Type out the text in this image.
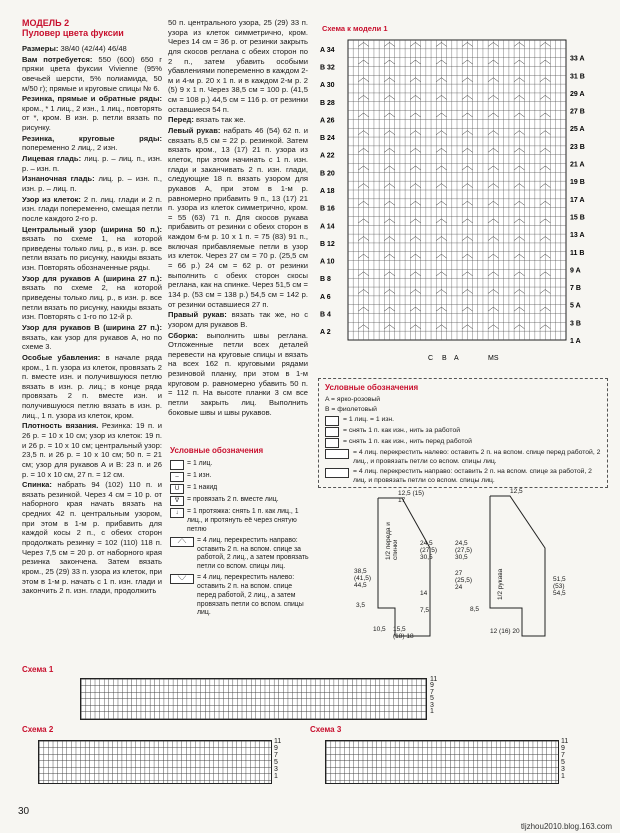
МОДЕЛЬ 2
Пуловер цвета фуксии

Размеры: 38/40 (42/44) 46/48

Вам потребуется: 550 (600) 650 г пряжи цвета фуксии Vivienne (95% овечьей шерсти, 5% полиамида, 50 м/50 г); прямые и круговые спицы № 6.

Резинка, прямые и обратные ряды: кром., * 1 лиц., 2 изн., 1 лиц., повторять от *, кром. В изн. р. петли вязать по рисунку.

Резинка, круговые ряды: попеременно 2 лиц., 2 изн.

Лицевая гладь: лиц. р. – лиц. п., изн. р. – изн. п.

Изнаночная гладь: лиц. р. – изн. п., изн. р. – лиц. п.

Узор из клеток: 2 п. лиц. глади и 2 п. изн. глади попеременно, смещая петли после каждого 2-го р.

Центральный узор (ширина 50 п.): вязать по схеме 1, на которой приведены только лиц. р., в изн. р. все петли вязать по рисунку, накиды вязать изн. Повторять обозначенные ряды.

Узор для рукавов А (ширина 27 п.): вязать по схеме 2, на которой приведены только лиц. р., в изн. р. все петли вязать по рисунку, накиды вязать изн. Повторять с 1-го по 12-й р.

Узор для рукавов В (ширина 27 п.): вязать, как узор для рукавов А, но по схеме 3.

Особые убавления: в начале ряда кром., 1 п. узора из клеток, провязать 2 п. вместе изн. и получившуюся петлю вязать в изн. р. лиц.; в конце ряда провязать 2 п. вместе изн. и получившуюся петлю вязать в изн. р. лиц., 1 п. узора из клеток, кром.

Плотность вязания. Резинка: 19 п. и 26 р. = 10 х 10 см; узор из клеток: 19 п. и 26 р. = 10 х 10 см; центральный узор: 23,5 п. и 26 р. = 10 х 10 см; 50 п. = 21 см; узор для рукавов А и В: 23 п. и 26 р. = 10 х 10 см, 27 п. = 12 см.

Спинка: набрать 94 (102) 110 п. и вязать резинкой. Через 4 см = 10 р. от наборного края начать вязать на средних 42 п. центральным узором, при этом в 1-м р. прибавить для каждой косы 2 п., с обеих сторон продолжать резинку = 102 (110) 118 п. Через 7,5 см = 20 р. от наборного края резинка закончена. Затем вязать кром., 25 (29) 33 п. узора из клеток, при этом в 1-м р. начать с 1 п. изн. глади и закончить 2 п. изн. глади, продолжить

50 п. центрального узора, 25 (29) 33 п. узора из клеток симметрично, кром. Через 14 см = 36 р. от резинки закрыть для скосов реглана с обеих сторон по 2 п., затем убавить особыми убавлениями попеременно в каждом 2-м и 4-м р. 20 х 1 п. и в каждом 2-м р. 2 (5) 9 х 1 п. Через 38,5 см = 100 р. (41,5 см = 108 р.) 44,5 см = 116 р. от резинки оставшиеся 54 п.

Перед: вязать так же.

Левый рукав: набрать 46 (54) 62 п. и связать 8,5 см = 22 р. резинкой. Затем вязать кром., 13 (17) 21 п. узора из клеток, при этом начинать с 1 п. изн. глади и заканчивать 2 п. изн. глади, следующие 18 п. вязать узором для рукавов А, при этом в 1-м р. равномерно прибавить 9 п., 13 (17) 21 п. узора из клеток симметрично, кром. = 55 (63) 71 п. Для скосов рукава прибавить от резинки с обеих сторон в каждом 6-м р. 10 х 1 п. = 75 (83) 91 п., включая прибавляемые петли в узор из клеток. Через 27 см = 70 р. (25,5 см = 66 р.) 24 см = 62 р. от резинки выполнить с обеих сторон скосы реглана, как на спинке. Через 51,5 см = 134 р. (53 см = 138 р.) 54,5 см = 142 р. от резинки оставшиеся 27 п.

Правый рукав: вязать так же, но с узором для рукавов В.

Сборка: выполнить швы реглана. Отложенные петли всех деталей перевести на круговые спицы и вязать на всех 162 п. круговыми рядами резиновой планку, при этом в 1-м круговом р. равномерно убавить 50 п. = 112 п. На высоте планки 3 см все петли закрыть лиц. Выполнить боковые швы и швы рукавов.

Условные обозначения
= 1 лиц.
–	= 1 изн.
U	= 1 накид
∇	= провязать 2 п. вместе лиц.
↓	= 1 протяжка: снять 1 п. как лиц., 1 лиц., и протянуть её через снятую петлю
⟋⟍	= 4 лиц. перекрестить направо: оставить 2 п. на вспом. спице за работой, 2 лиц., а затем провязать петли со вспом. спицы лиц.
⟍⟋	= 4 лиц. перекрестить налево: оставить 2 п. на вспом. спице перед работой, 2 лиц., а затем провязать петли со вспом. спицы лиц.
Схема к модели 1
A 34
B 32
A 30
B 28
A 26
B 24
A 22
B 20
A 18
B 16
A 14
B 12
A 10
B 8
A 6
B 4
A 2
33 A
31 B
29 A
27 B
25 A
23 B
21 A
19 B
17 A
15 B
13 A
11 B
9 A
7 B
5 A
3 B
1 A
C B A	MS
Условные обозначения
A = ярко-розовый
B = фиолетовый
= 1 лиц. = 1 изн.
= снять 1 п. как изн., нить за работой
= снять 1 п. как изн., нить перед работой
= 4 лиц. перекрестить налево: оставить 2 п. на вспом. спице перед работой, 2 лиц., и провязать петли со вспом. спицы лиц.
= 4 лиц. перекрестить направо: оставить 2 п. на вспом. спице за работой, 2 лиц. и провязать петли со вспом. спицы лиц.
1/2 переда и спинки
1/2 рукава
12,5 (15) 17
24,5 (27,5) 30,5
38,5 (41,5) 44,5
14
3,5
7,5
10,5 15,5 (18) 18
12,5
24,5 (27,5) 30,5
27 (25,5) 24
51,5 (53) 54,5
8,5
12 (16) 20
Схема 1
11
9
7
5
3
1
Схема 2
11
9
7
5
3
1
Схема 3
11
9
7
5
3
1
30
tljzhou2010.blog.163.com
